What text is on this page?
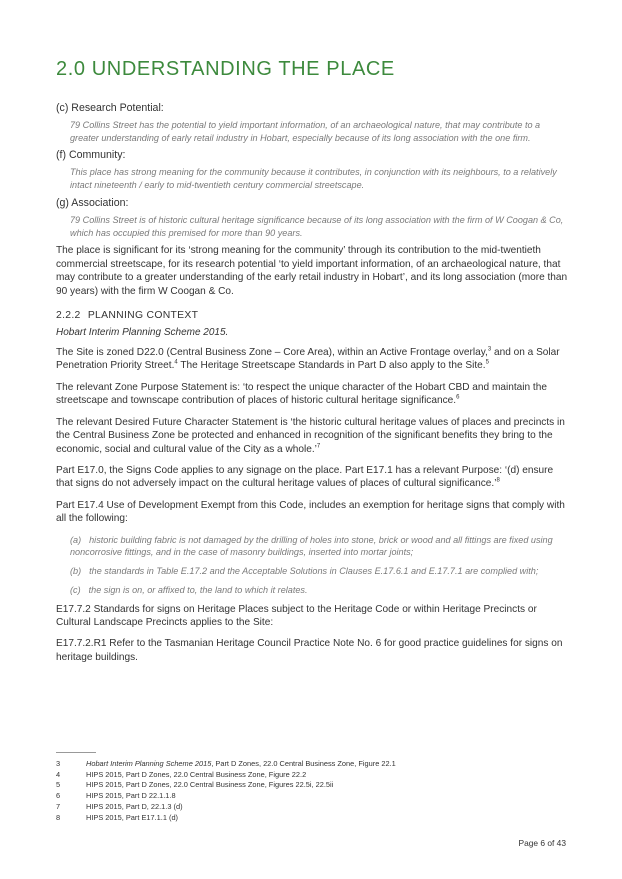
2.0 UNDERSTANDING THE PLACE

(c) Research Potential:

79 Collins Street has the potential to yield important information, of an archaeological nature, that may contribute to a greater understanding of early retail industry in Hobart, especially because of its long association with the one firm.

(f) Community:

This place has strong meaning for the community because it contributes, in conjunction with its neighbours, to a relatively intact nineteenth / early to mid-twentieth century commercial streetscape.

(g) Association:

79 Collins Street is of historic cultural heritage significance because of its long association with the firm of W Coogan & Co, which has occupied this premised for more than 90 years.

The place is significant for its ‘strong meaning for the community’ through its contribution to the mid-twentieth commercial streetscape, for its research potential ‘to yield important information, of an archaeological nature, that may contribute to a greater understanding of the early retail industry in Hobart’, and its long association (more than 90 years) with the firm W Coogan & Co.

2.2.2 PLANNING CONTEXT

Hobart Interim Planning Scheme 2015.

The Site is zoned D22.0 (Central Business Zone – Core Area), within an Active Frontage overlay,$^3$ and on a Solar Penetration Priority Street.$^4$ The Heritage Streetscape Standards in Part D also apply to the Site.$^5$

The relevant Zone Purpose Statement is: ‘to respect the unique character of the Hobart CBD and maintain the streetscape and townscape contribution of places of historic cultural heritage significance.$^6$

The relevant Desired Future Character Statement is ‘the historic cultural heritage values of places and precincts in the Central Business Zone be protected and enhanced in recognition of the significant benefits they bring to the economic, social and cultural value of the City as a whole.’$^7$

Part E17.0, the Signs Code applies to any signage on the place. Part E17.1 has a relevant Purpose: ‘(d) ensure that signs do not adversely impact on the cultural heritage values of places of cultural significance.’$^8$

Part E17.4 Use of Development Exempt from this Code, includes an exemption for heritage signs that comply with all the following:

(a) historic building fabric is not damaged by the drilling of holes into stone, brick or wood and all fittings are fixed using noncorrosive fittings, and in the case of masonry buildings, inserted into mortar joints;

(b) the standards in Table E.17.2 and the Acceptable Solutions in Clauses E.17.6.1 and E.17.7.1 are complied with;

(c) the sign is on, or affixed to, the land to which it relates.

E17.7.2 Standards for signs on Heritage Places subject to the Heritage Code or within Heritage Precincts or Cultural Landscape Precincts applies to the Site:

E17.7.2.R1 Refer to the Tasmanian Heritage Council Practice Note No. 6 for good practice guidelines for signs on heritage buildings.

3	Hobart Interim Planning Scheme 2015, Part D Zones, 22.0 Central Business Zone, Figure 22.1
4	HIPS 2015, Part D Zones, 22.0 Central Business Zone, Figure 22.2
5	HIPS 2015, Part D Zones, 22.0 Central Business Zone, Figures 22.5i, 22.5ii
6	HIPS 2015, Part D 22.1.1.8
7	HIPS 2015, Part D, 22.1.3 (d)
8	HIPS 2015, Part E17.1.1 (d)
Page 6 of 43
